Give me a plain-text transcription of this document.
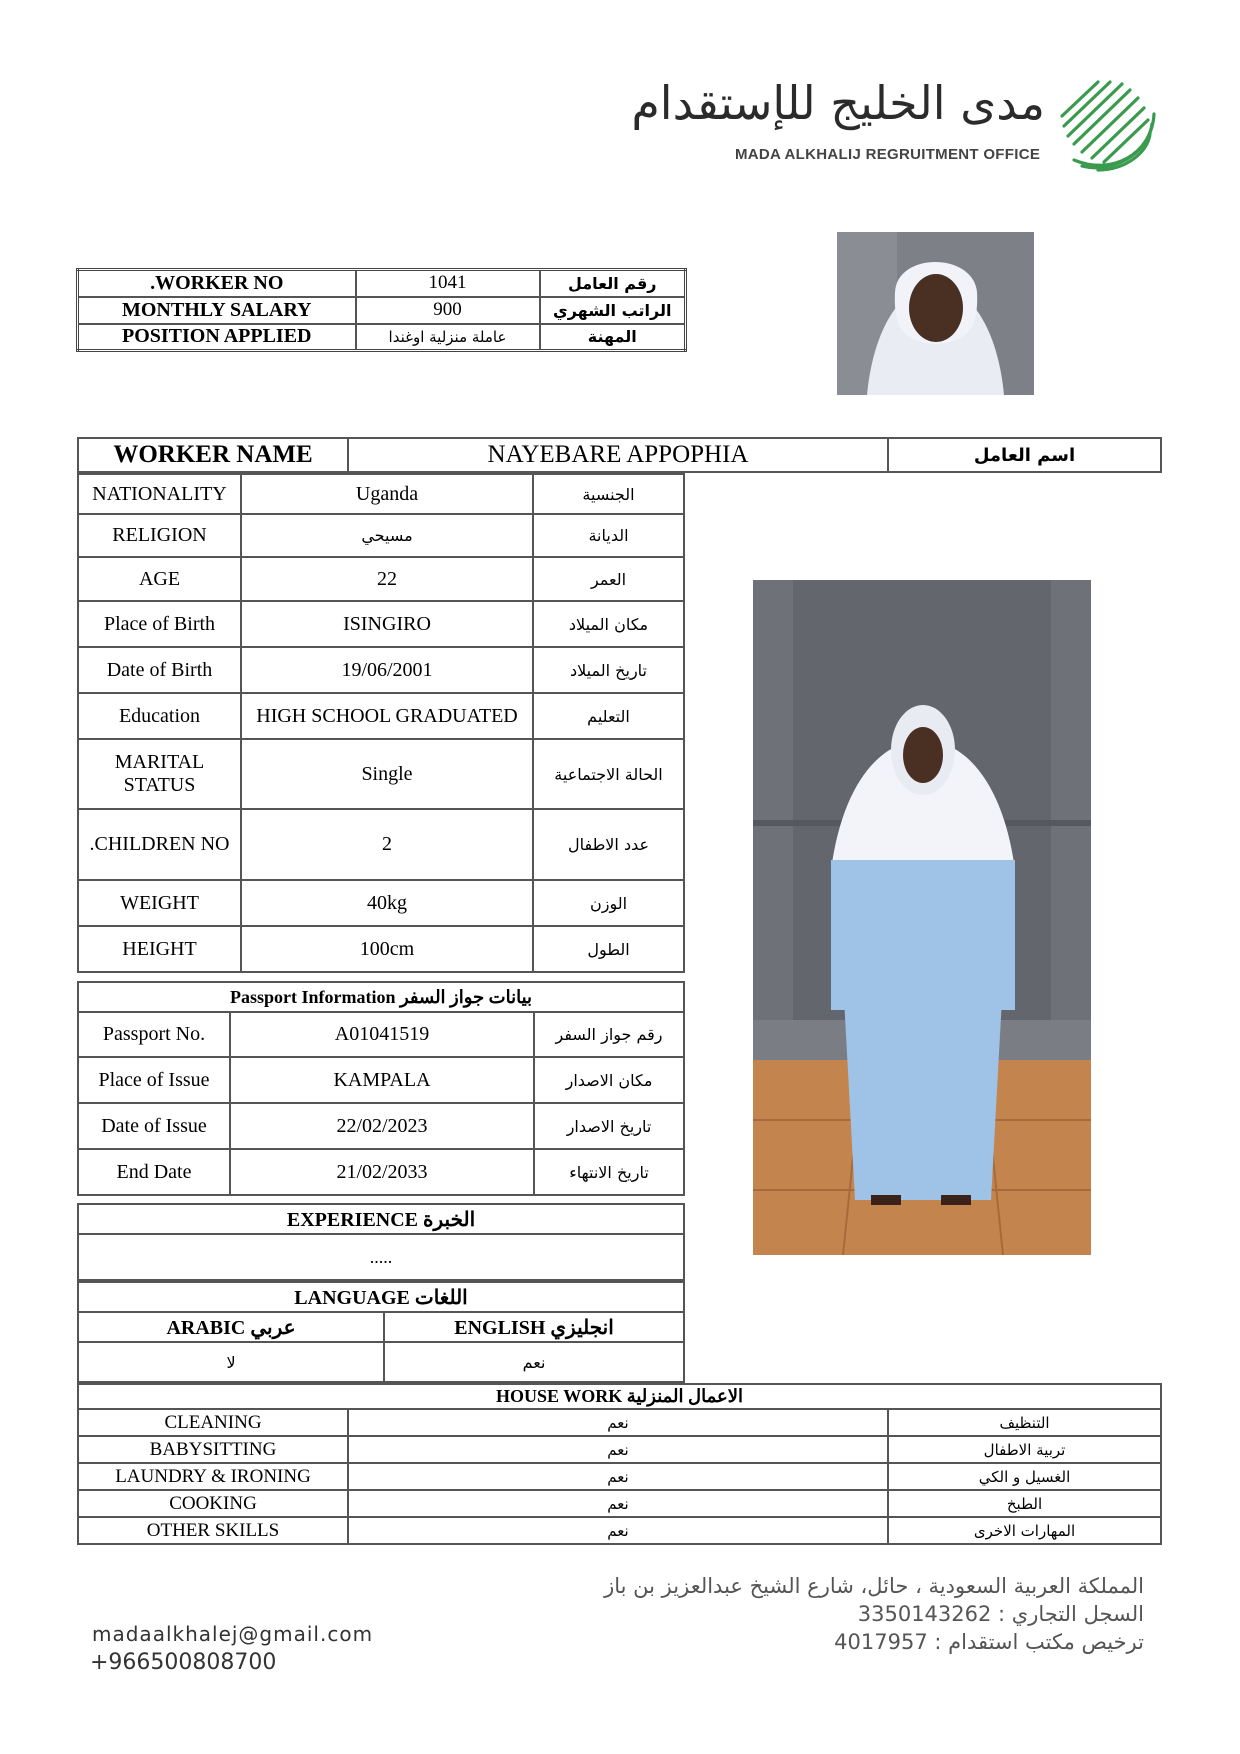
مدى الخليج للإستقدام
MADA ALKHALIJ REGRUITMENT OFFICE
.WORKER NO	1041	رقم العامل
MONTHLY SALARY	900	الراتب الشهري
POSITION APPLIED	عاملة منزلية اوغندا	المهنة
WORKER NAME	NAYEBARE APPOPHIA	اسم العامل
NATIONALITY	Uganda	الجنسية
RELIGION	مسيحي	الديانة
AGE	22	العمر
Place of Birth	ISINGIRO	مكان الميلاد
Date of Birth	19/06/2001	تاريخ الميلاد
Education	HIGH SCHOOL GRADUATED	التعليم
MARITAL STATUS	Single	الحالة الاجتماعية
.CHILDREN NO	2	عدد الاطفال
WEIGHT	40kg	الوزن
HEIGHT	100cm	الطول
Passport Information بيانات جواز السفر		
Passport No.	A01041519	رقم جواز السفر
Place of Issue	KAMPALA	مكان الاصدار
Date of Issue	22/02/2023	تاريخ الاصدار
End Date	21/02/2033	تاريخ الانتهاء
EXPERIENCE الخبرة
.....
LANGUAGE اللغات	
ARABIC عربي	ENGLISH انجليزي
لا	نعم
HOUSE WORK الاعمال المنزلية		
CLEANING	نعم	التنظيف
BABYSITTING	نعم	تربية الاطفال
LAUNDRY & IRONING	نعم	الغسيل و الكي
COOKING	نعم	الطبخ
OTHER SKILLS	نعم	المهارات الاخرى
المملكة العربية السعودية ، حائل، شارع الشيخ عبدالعزيز بن باز
السجل التجاري : 3350143262
ترخيص مكتب استقدام : 4017957
madaalkhalej@gmail.com
+966500808700
